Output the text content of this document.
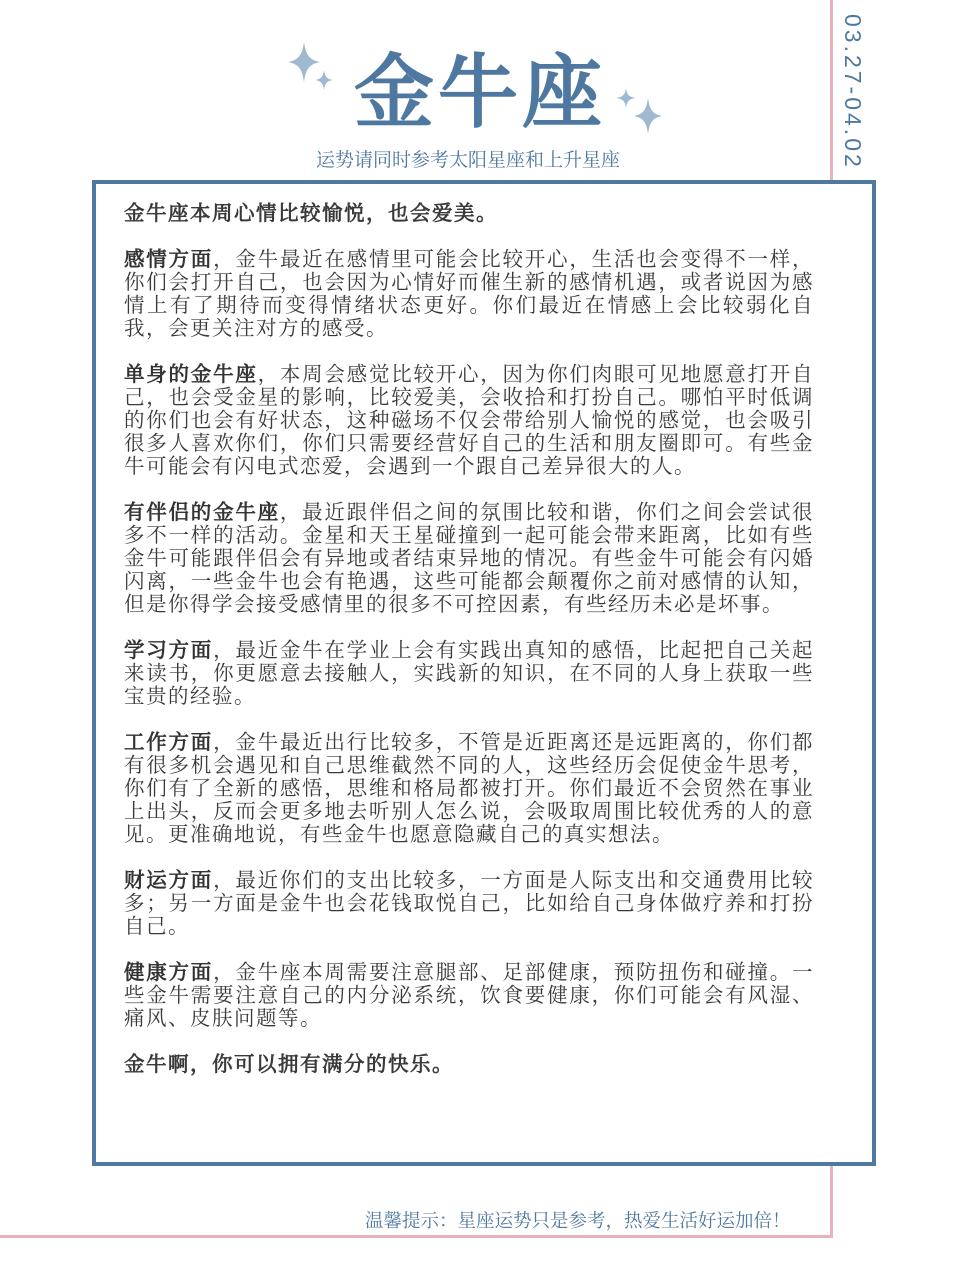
03.27-04.02
金牛座
运势请同时参考太阳星座和上升星座

金牛座本周心情比较愉悦，也会爱美。

感情方面，金牛最近在感情里可能会比较开心，生活也会变得不一样，你们会打开自己，也会因为心情好而催生新的感情机遇，或者说因为感情上有了期待而变得情绪状态更好。你们最近在情感上会比较弱化自我，会更关注对方的感受。

单身的金牛座，本周会感觉比较开心，因为你们肉眼可见地愿意打开自己，也会受金星的影响，比较爱美，会收拾和打扮自己。哪怕平时低调的你们也会有好状态，这种磁场不仅会带给别人愉悦的感觉，也会吸引很多人喜欢你们，你们只需要经营好自己的生活和朋友圈即可。有些金牛可能会有闪电式恋爱，会遇到一个跟自己差异很大的人。

有伴侣的金牛座，最近跟伴侣之间的氛围比较和谐，你们之间会尝试很多不一样的活动。金星和天王星碰撞到一起可能会带来距离，比如有些金牛可能跟伴侣会有异地或者结束异地的情况。有些金牛可能会有闪婚闪离，一些金牛也会有艳遇，这些可能都会颠覆你之前对感情的认知，但是你得学会接受感情里的很多不可控因素，有些经历未必是坏事。

学习方面，最近金牛在学业上会有实践出真知的感悟，比起把自己关起来读书，你更愿意去接触人，实践新的知识，在不同的人身上获取一些宝贵的经验。

工作方面，金牛最近出行比较多，不管是近距离还是远距离的，你们都有很多机会遇见和自己思维截然不同的人，这些经历会促使金牛思考，你们有了全新的感悟，思维和格局都被打开。你们最近不会贸然在事业上出头，反而会更多地去听别人怎么说，会吸取周围比较优秀的人的意见。更准确地说，有些金牛也愿意隐藏自己的真实想法。

财运方面，最近你们的支出比较多，一方面是人际支出和交通费用比较多；另一方面是金牛也会花钱取悦自己，比如给自己身体做疗养和打扮自己。

健康方面，金牛座本周需要注意腿部、足部健康，预防扭伤和碰撞。一些金牛需要注意自己的内分泌系统，饮食要健康，你们可能会有风湿、痛风、皮肤问题等。

金牛啊，你可以拥有满分的快乐。

温馨提示：星座运势只是参考，热爱生活好运加倍！
